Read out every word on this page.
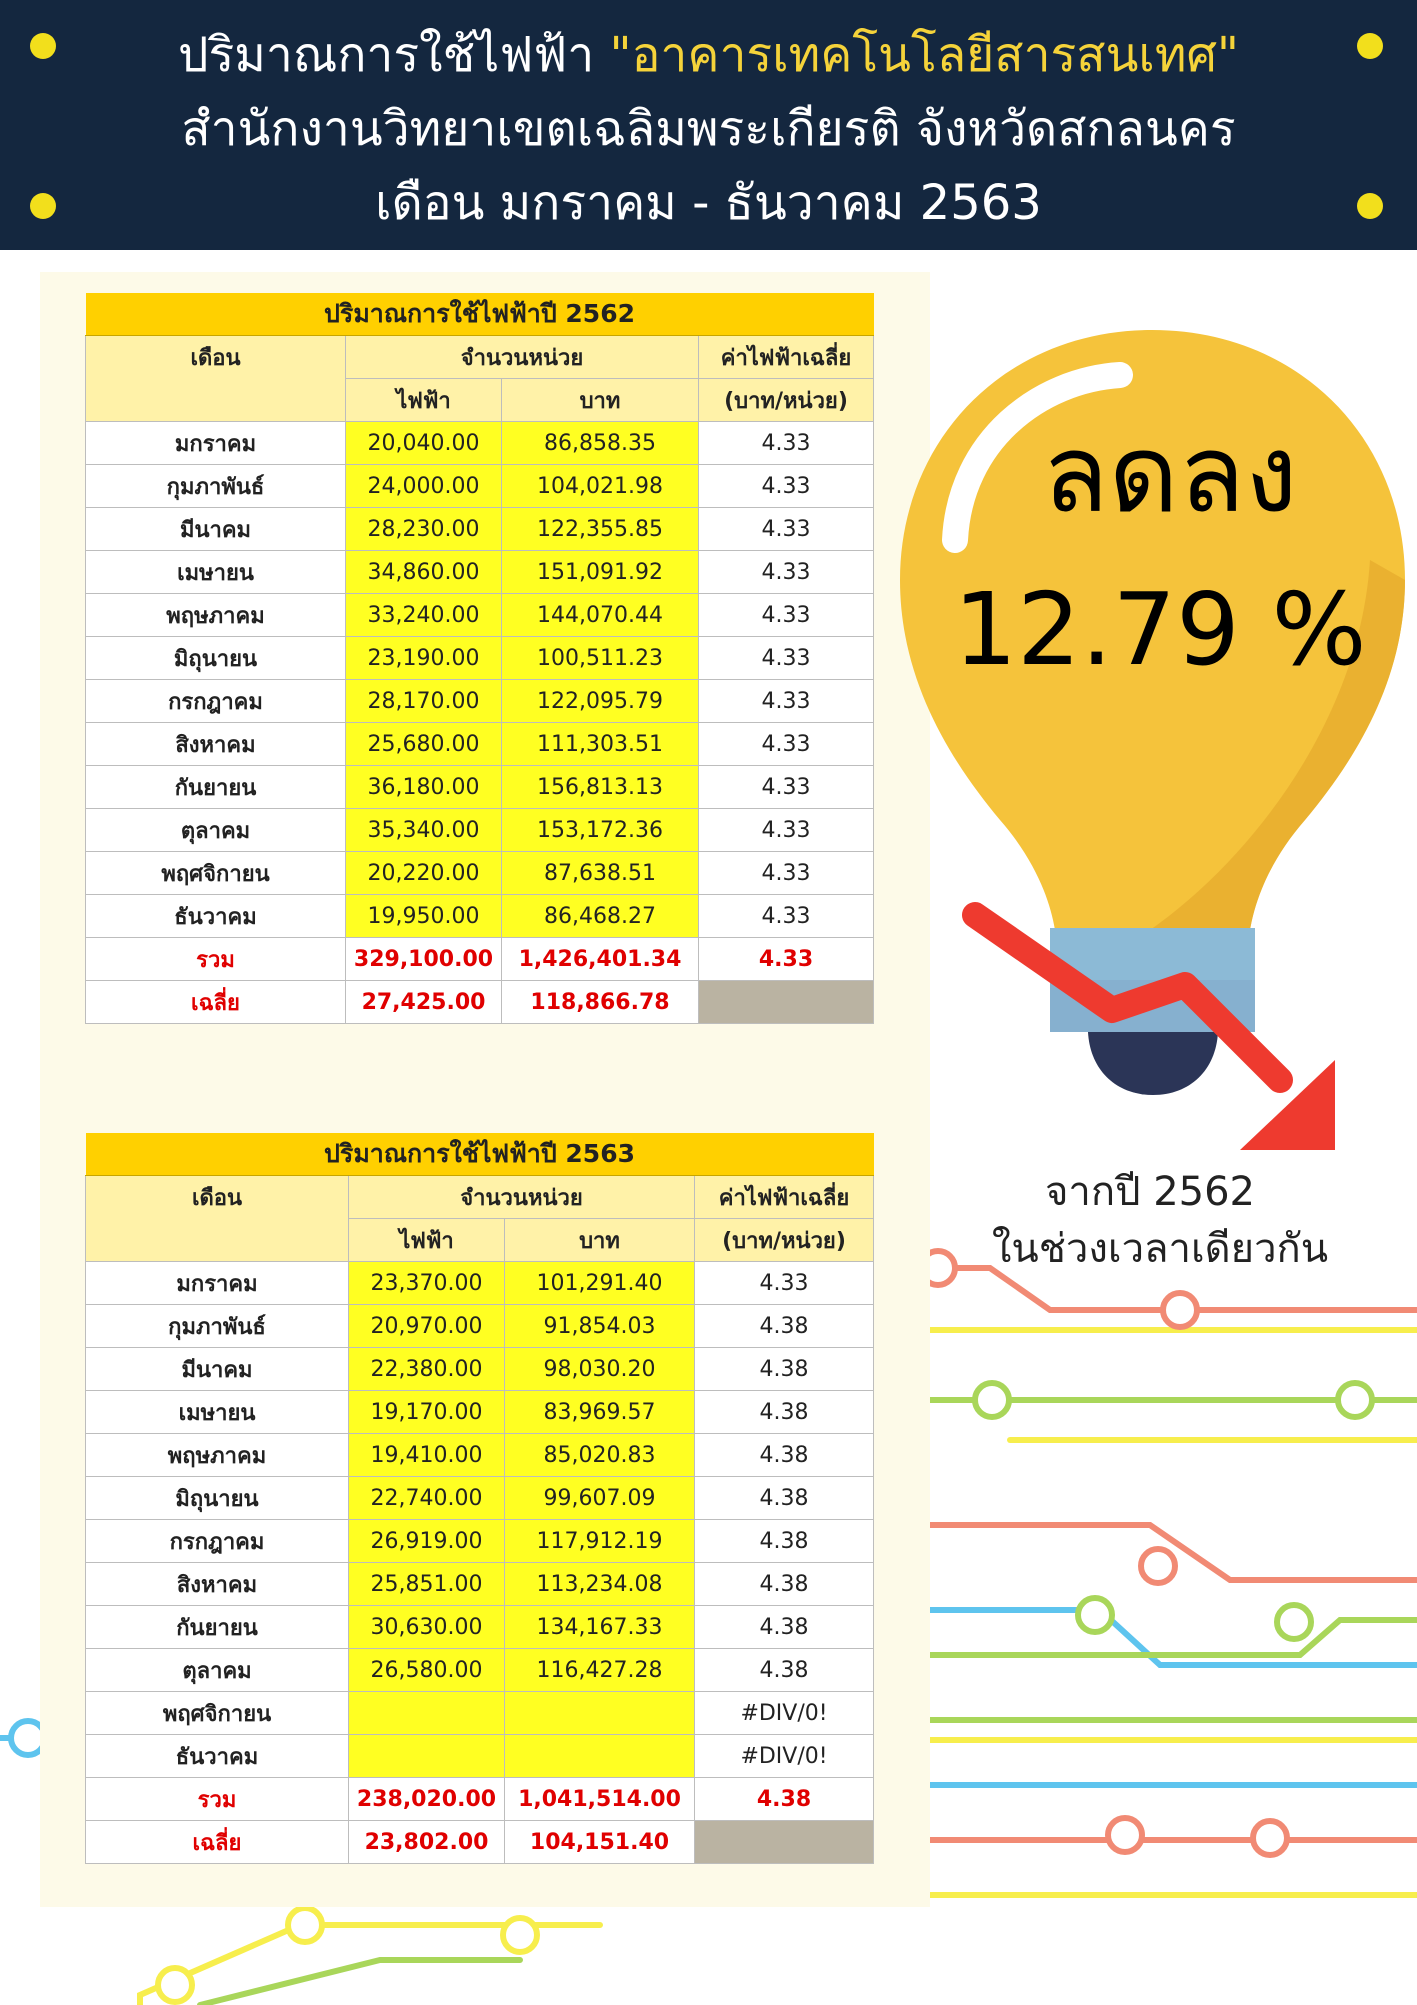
ปริมาณการใช้ไฟฟ้า "อาคารเทคโนโลยีสารสนเทศ"
สำนักงานวิทยาเขตเฉลิมพระเกียรติ จังหวัดสกลนคร
เดือน มกราคม - ธันวาคม 2563
ปริมาณการใช้ไฟฟ้าปี 2562			
เดือน	จำนวนหน่วย		ค่าไฟฟ้าเฉลี่ย
	ไฟฟ้า	บาท	(บาท/หน่วย)
มกราคม	20,040.00	86,858.35	4.33
กุมภาพันธ์	24,000.00	104,021.98	4.33
มีนาคม	28,230.00	122,355.85	4.33
เมษายน	34,860.00	151,091.92	4.33
พฤษภาคม	33,240.00	144,070.44	4.33
มิถุนายน	23,190.00	100,511.23	4.33
กรกฎาคม	28,170.00	122,095.79	4.33
สิงหาคม	25,680.00	111,303.51	4.33
กันยายน	36,180.00	156,813.13	4.33
ตุลาคม	35,340.00	153,172.36	4.33
พฤศจิกายน	20,220.00	87,638.51	4.33
ธันวาคม	19,950.00	86,468.27	4.33
รวม	329,100.00	1,426,401.34	4.33
เฉลี่ย	27,425.00	118,866.78	
ปริมาณการใช้ไฟฟ้าปี 2563			
เดือน	จำนวนหน่วย		ค่าไฟฟ้าเฉลี่ย
	ไฟฟ้า	บาท	(บาท/หน่วย)
มกราคม	23,370.00	101,291.40	4.33
กุมภาพันธ์	20,970.00	91,854.03	4.38
มีนาคม	22,380.00	98,030.20	4.38
เมษายน	19,170.00	83,969.57	4.38
พฤษภาคม	19,410.00	85,020.83	4.38
มิถุนายน	22,740.00	99,607.09	4.38
กรกฎาคม	26,919.00	117,912.19	4.38
สิงหาคม	25,851.00	113,234.08	4.38
กันยายน	30,630.00	134,167.33	4.38
ตุลาคม	26,580.00	116,427.28	4.38
พฤศจิกายน			#DIV/0!
ธันวาคม			#DIV/0!
รวม	238,020.00	1,041,514.00	4.38
เฉลี่ย	23,802.00	104,151.40	
ลดลง
12.79 %
จากปี 2562
ในช่วงเวลาเดียวกัน
